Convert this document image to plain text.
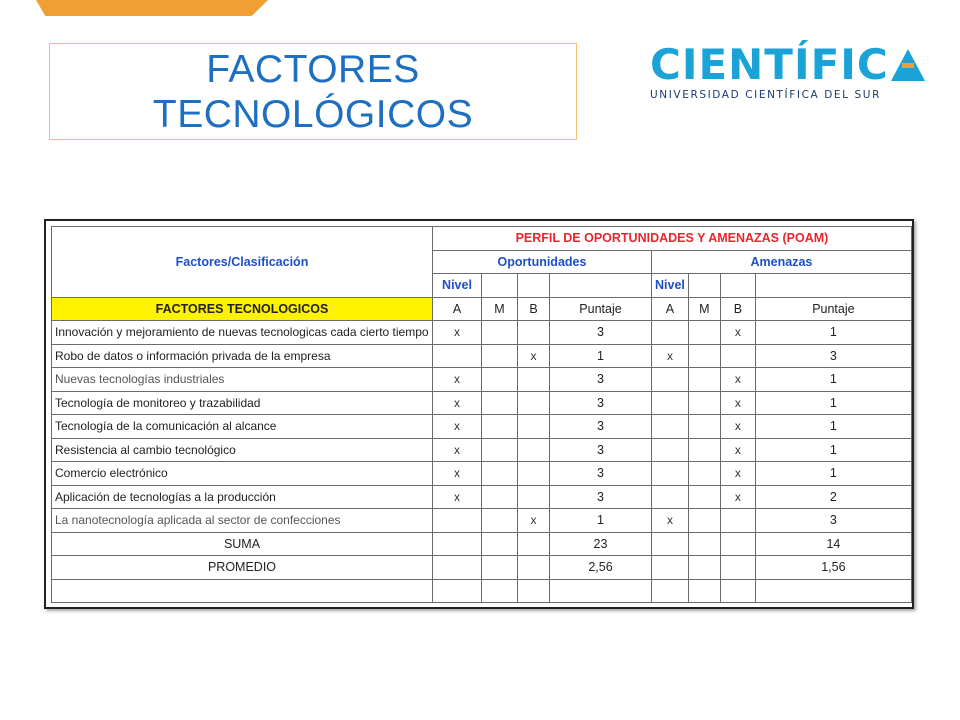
FACTORES
TECNOLÓGICOS
CIENTÍFIC
UNIVERSIDAD CIENTÍFICA DEL SUR
Factores/Clasificación	PERFIL DE OPORTUNIDADES Y AMENAZAS (POAM)							
	Oportunidades				Amenazas			
	Nivel				Nivel			
FACTORES TECNOLOGICOS	A	M	B	Puntaje	A	M	B	Puntaje
Innovación y mejoramiento de nuevas tecnologicas cada cierto tiempo	x			3			x	1
Robo de datos o información privada de la empresa			x	1	x			3
Nuevas tecnologías industriales	x			3			x	1
Tecnología de monitoreo y trazabilidad	x			3			x	1
Tecnología de la comunicación al alcance	x			3			x	1
Resistencia al cambio tecnológico	x			3			x	1
Comercio electrónico	x			3			x	1
Aplicación de tecnologías a la producción	x			3			x	2
La nanotecnología aplicada al sector de confecciones			x	1	x			3
SUMA				23				14
PROMEDIO				2,56				1,56
